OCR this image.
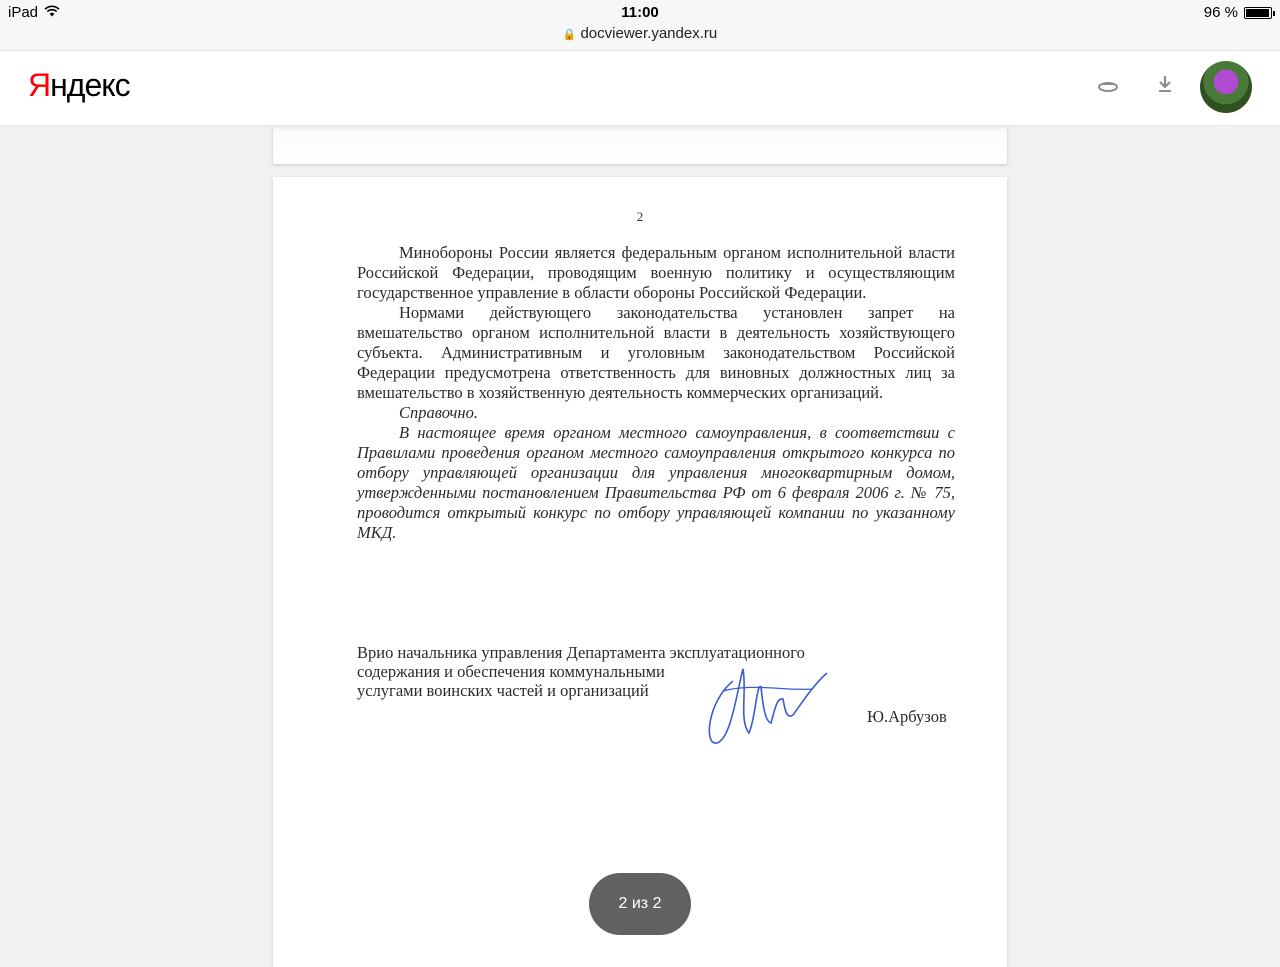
iPad	11:00	96 %
🔒 docviewer.yandex.ru
Яндекс
2

Минобороны России является федеральным органом исполнительной власти Российской Федерации, проводящим военную политику и осуществляющим государственное управление в области обороны Российской Федерации.

Нормами действующего законодательства установлен запрет на вмешательство органом исполнительной власти в деятельность хозяйствующего субъекта. Административным и уголовным законодательством Российской Федерации предусмотрена ответственность для виновных должностных лиц за вмешательство в хозяйственную деятельность коммерческих организаций.

Справочно.

В настоящее время органом местного самоуправления, в соответствии с Правилами проведения органом местного самоуправления открытого конкурса по отбору управляющей организации для управления многоквартирным домом, утвержденными постановлением Правительства РФ от 6 февраля 2006 г. № 75, проводится открытый конкурс по отбору управляющей компании по указанному МКД.

Врио начальника управления Департамента эксплуатационного
содержания и обеспечения коммунальными
услугами воинских частей и организаций
Ю.Арбузов
2 из 2
